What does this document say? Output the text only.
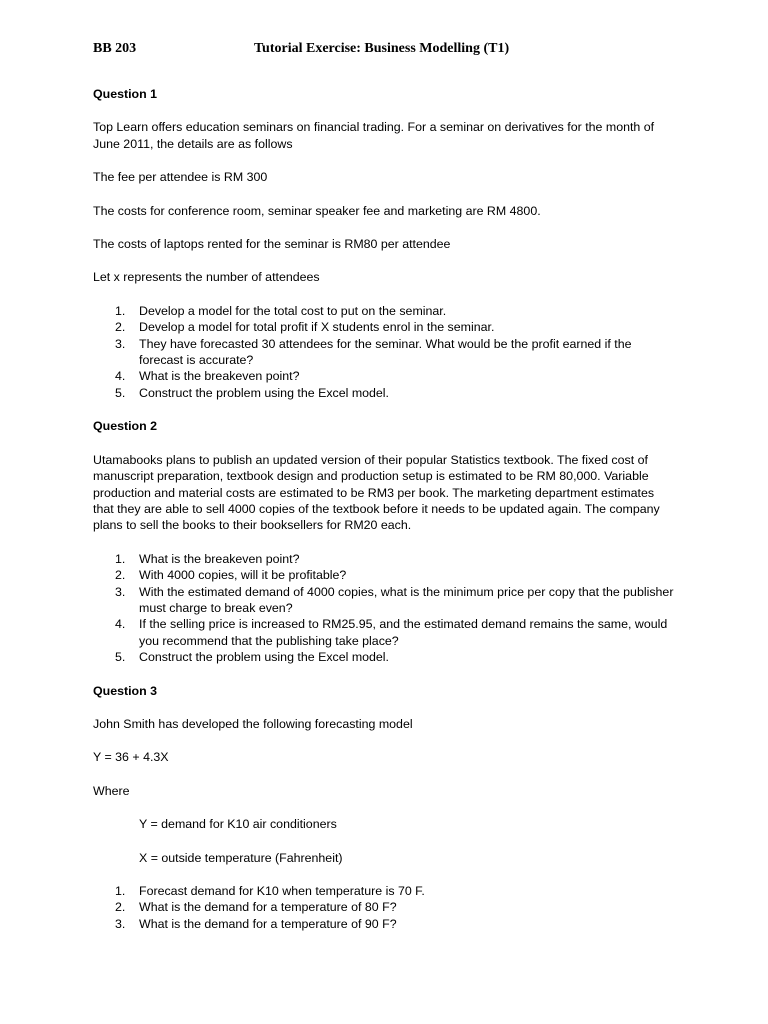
BB 203	Tutorial Exercise: Business Modelling (T1)
Question 1

Top Learn offers education seminars on financial trading. For a seminar on derivatives for the month of June 2011, the details are as follows

The fee per attendee is RM 300

The costs for conference room, seminar speaker fee and marketing are RM 4800.

The costs of laptops rented for the seminar is RM80 per attendee

Let x represents the number of attendees

1. Develop a model for the total cost to put on the seminar.
2. Develop a model for total profit if X students enrol in the seminar.
3. They have forecasted 30 attendees for the seminar. What would be the profit earned if the forecast is accurate?
4. What is the breakeven point?
5. Construct the problem using the Excel model.
Question 2

Utamabooks plans to publish an updated version of their popular Statistics textbook. The fixed cost of manuscript preparation, textbook design and production setup is estimated to be RM 80,000. Variable production and material costs are estimated to be RM3 per book. The marketing department estimates that they are able to sell 4000 copies of the textbook before it needs to be updated again. The company plans to sell the books to their booksellers for RM20 each.

1. What is the breakeven point?
2. With 4000 copies, will it be profitable?
3. With the estimated demand of 4000 copies, what is the minimum price per copy that the publisher must charge to break even?
4. If the selling price is increased to RM25.95, and the estimated demand remains the same, would you recommend that the publishing take place?
5. Construct the problem using the Excel model.
Question 3

John Smith has developed the following forecasting model

Y = 36 + 4.3X

Where

Y = demand for K10 air conditioners

X = outside temperature (Fahrenheit)

1. Forecast demand for K10 when temperature is 70 F.
2. What is the demand for a temperature of 80 F?
3. What is the demand for a temperature of 90 F?
